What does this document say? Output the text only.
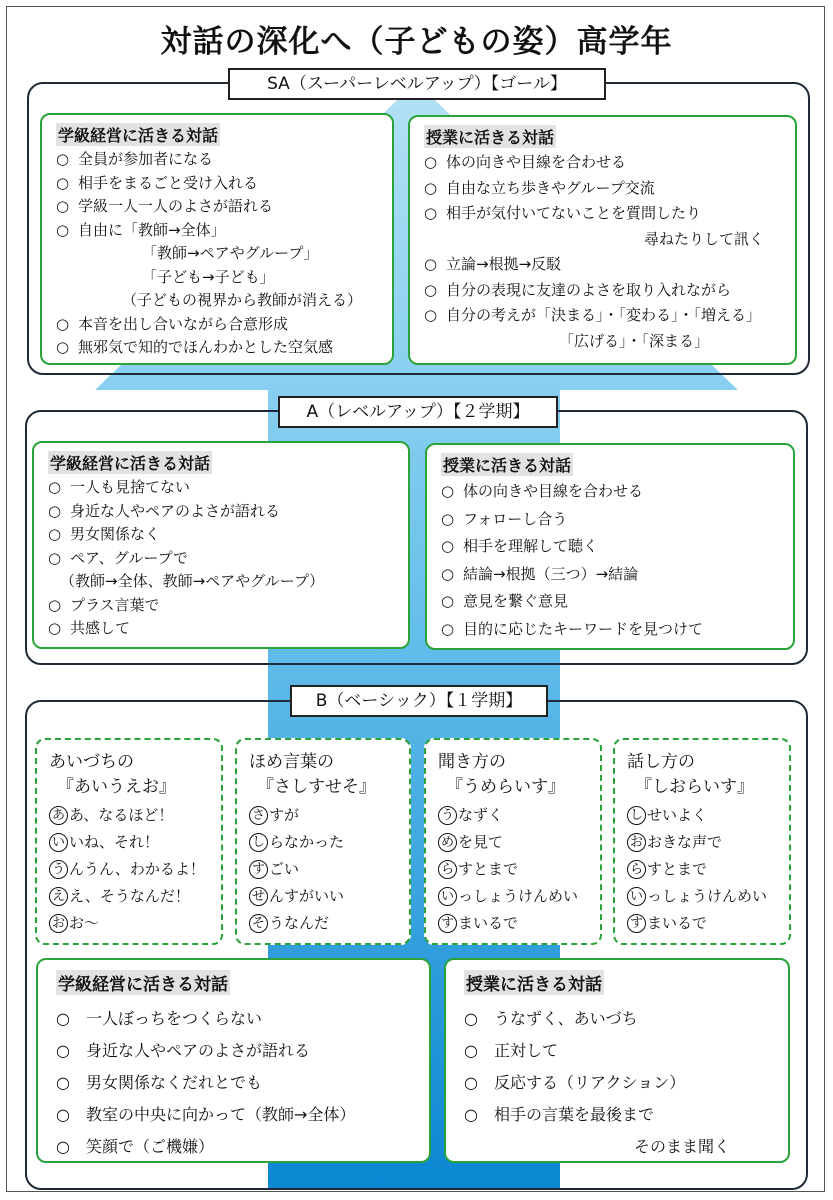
対話の深化へ（子どもの姿）高学年
SA（スーパーレベルアップ）【ゴール】
学級経営に活きる対話
○ 全員が参加者になる
○ 相手をまるごと受け入れる
○ 学級一人一人のよさが語れる
○ 自由に「教師→全体」
「教師→ペアやグループ」
「子ども→子ども」
（子どもの視界から教師が消える）
○ 本音を出し合いながら合意形成
○ 無邪気で知的でほんわかとした空気感
授業に活きる対話
○ 体の向きや目線を合わせる
○ 自由な立ち歩きやグループ交流
○ 相手が気付いてないことを質問したり
尋ねたりして訊く
○ 立論→根拠→反駁
○ 自分の表現に友達のよさを取り入れながら
○ 自分の考えが「決まる」・「変わる」・「増える」
「広げる」・「深まる」
A（レベルアップ）【２学期】
学級経営に活きる対話
○ 一人も見捨てない
○ 身近な人やペアのよさが語れる
○ 男女関係なく
○ ペア、グループで
（教師→全体、教師→ペアやグループ）
○ プラス言葉で
○ 共感して
授業に活きる対話
○ 体の向きや目線を合わせる
○ フォローし合う
○ 相手を理解して聴く
○ 結論→根拠（三つ）→結論
○ 意見を繋ぐ意見
○ 目的に応じたキーワードを見つけて
B（ベーシック）【１学期】
あいづちの
『あいうえお』
あ あ、なるほど！
い いね、それ！
う んうん、わかるよ！
え え、そうなんだ！
お お〜
ほめ言葉の
『さしすせそ』
さ すが
し らなかった
す ごい
せ んすがいい
そ うなんだ
聞き方の
『うめらいす』
う なずく
め を見て
ら すとまで
い っしょうけんめい
す まいるで
話し方の
『しおらいす』
し せいよく
お おきな声で
ら すとまで
い っしょうけんめい
す まいるで
学級経営に活きる対話
○ 一人ぼっちをつくらない
○ 身近な人やペアのよさが語れる
○ 男女関係なくだれとでも
○ 教室の中央に向かって（教師→全体）
○ 笑顔で（ご機嫌）
授業に活きる対話
○ うなずく、あいづち
○ 正対して
○ 反応する（リアクション）
○ 相手の言葉を最後まで
そのまま聞く
